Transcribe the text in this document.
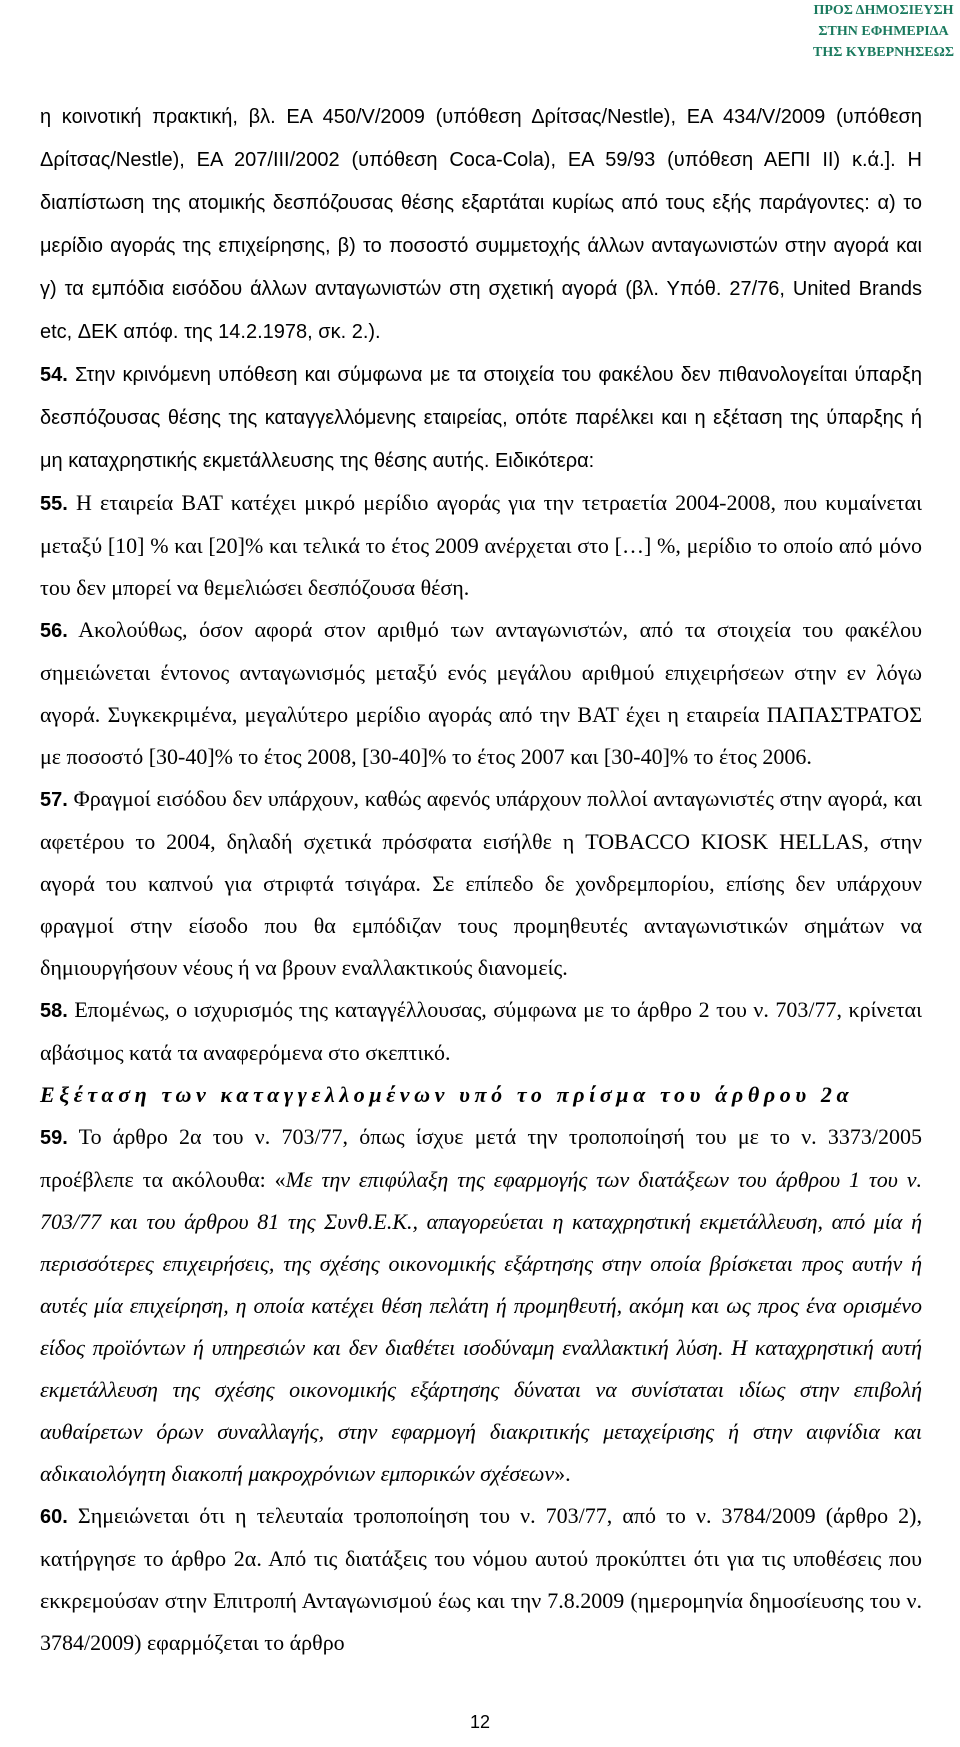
ΠΡΟΣ ΔΗΜΟΣΙΕΥΣΗ
ΣΤΗΝ ΕΦΗΜΕΡΙΔΑ
ΤΗΣ ΚΥΒΕΡΝΗΣΕΩΣ

η κοινοτική πρακτική, βλ. ΕΑ 450/V/2009 (υπόθεση Δρίτσας/Nestle), ΕΑ 434/V/2009 (υπόθεση Δρίτσας/Nestle), ΕΑ 207/ΙΙΙ/2002 (υπόθεση Coca-Cola), ΕΑ 59/93 (υπόθεση ΑΕΠΙ ΙΙ) κ.ά.]. Η διαπίστωση της ατομικής δεσπόζουσας θέσης εξαρτάται κυρίως από τους εξής παράγοντες: α) το μερίδιο αγοράς της επιχείρησης, β) το ποσοστό συμμετοχής άλλων ανταγωνιστών στην αγορά και γ) τα εμπόδια εισόδου άλλων ανταγωνιστών στη σχετική αγορά (βλ. Υπόθ. 27/76, United Brands etc, ΔΕΚ απόφ. της 14.2.1978, σκ. 2.).

54. Στην κρινόμενη υπόθεση και σύμφωνα με τα στοιχεία του φακέλου δεν πιθανολογείται ύπαρξη δεσπόζουσας θέσης της καταγγελλόμενης εταιρείας, οπότε παρέλκει και η εξέταση της ύπαρξης ή μη καταχρηστικής εκμετάλλευσης της θέσης αυτής. Ειδικότερα:

55. Η εταιρεία ΒΑΤ κατέχει μικρό μερίδιο αγοράς για την τετραετία 2004-2008, που κυμαίνεται μεταξύ [10] % και [20]% και τελικά το έτος 2009 ανέρχεται στο […] %, μερίδιο το οποίο από μόνο του δεν μπορεί να θεμελιώσει δεσπόζουσα θέση.

56. Ακολούθως, όσον αφορά στον αριθμό των ανταγωνιστών, από τα στοιχεία του φακέλου σημειώνεται έντονος ανταγωνισμός μεταξύ ενός μεγάλου αριθμού επιχειρήσεων στην εν λόγω αγορά. Συγκεκριμένα, μεγαλύτερο μερίδιο αγοράς από την ΒΑΤ έχει η εταιρεία ΠΑΠΑΣΤΡΑΤΟΣ με ποσοστό [30-40]% το έτος 2008, [30-40]% το έτος 2007 και [30-40]% το έτος 2006.

57. Φραγμοί εισόδου δεν υπάρχουν, καθώς αφενός υπάρχουν πολλοί ανταγωνιστές στην αγορά, και αφετέρου το 2004, δηλαδή σχετικά πρόσφατα εισήλθε η TOBACCO KIOSK HELLAS, στην αγορά του καπνού για στριφτά τσιγάρα. Σε επίπεδο δε χονδρεμπορίου, επίσης δεν υπάρχουν φραγμοί στην είσοδο που θα εμπόδιζαν τους προμηθευτές ανταγωνιστικών σημάτων να δημιουργήσουν νέους ή να βρουν εναλλακτικούς διανομείς.

58. Επομένως, ο ισχυρισμός της καταγγέλλουσας, σύμφωνα με το άρθρο 2 του ν. 703/77, κρίνεται αβάσιμος κατά τα αναφερόμενα στο σκεπτικό.

Εξέταση των καταγγελλομένων υπό το πρίσμα του άρθρου 2α

59. Το άρθρο 2α του ν. 703/77, όπως ίσχυε μετά την τροποποίησή του με το ν. 3373/2005 προέβλεπε τα ακόλουθα: «Με την επιφύλαξη της εφαρμογής των διατάξεων του άρθρου 1 του ν. 703/77 και του άρθρου 81 της Συνθ.Ε.Κ., απαγορεύεται η καταχρηστική εκμετάλλευση, από μία ή περισσότερες επιχειρήσεις, της σχέσης οικονομικής εξάρτησης στην οποία βρίσκεται προς αυτήν ή αυτές μία επιχείρηση, η οποία κατέχει θέση πελάτη ή προμηθευτή, ακόμη και ως προς ένα ορισμένο είδος προϊόντων ή υπηρεσιών και δεν διαθέτει ισοδύναμη εναλλακτική λύση. Η καταχρηστική αυτή εκμετάλλευση της σχέσης οικονομικής εξάρτησης δύναται να συνίσταται ιδίως στην επιβολή αυθαίρετων όρων συναλλαγής, στην εφαρμογή διακριτικής μεταχείρισης ή στην αιφνίδια και αδικαιολόγητη διακοπή μακροχρόνιων εμπορικών σχέσεων».

60. Σημειώνεται ότι η τελευταία τροποποίηση του ν. 703/77, από το ν. 3784/2009 (άρθρο 2), κατήργησε το άρθρο 2α. Από τις διατάξεις του νόμου αυτού προκύπτει ότι για τις υποθέσεις που εκκρεμούσαν στην Επιτροπή Ανταγωνισμού έως και την 7.8.2009 (ημερομηνία δημοσίευσης του ν. 3784/2009) εφαρμόζεται το άρθρο

12
